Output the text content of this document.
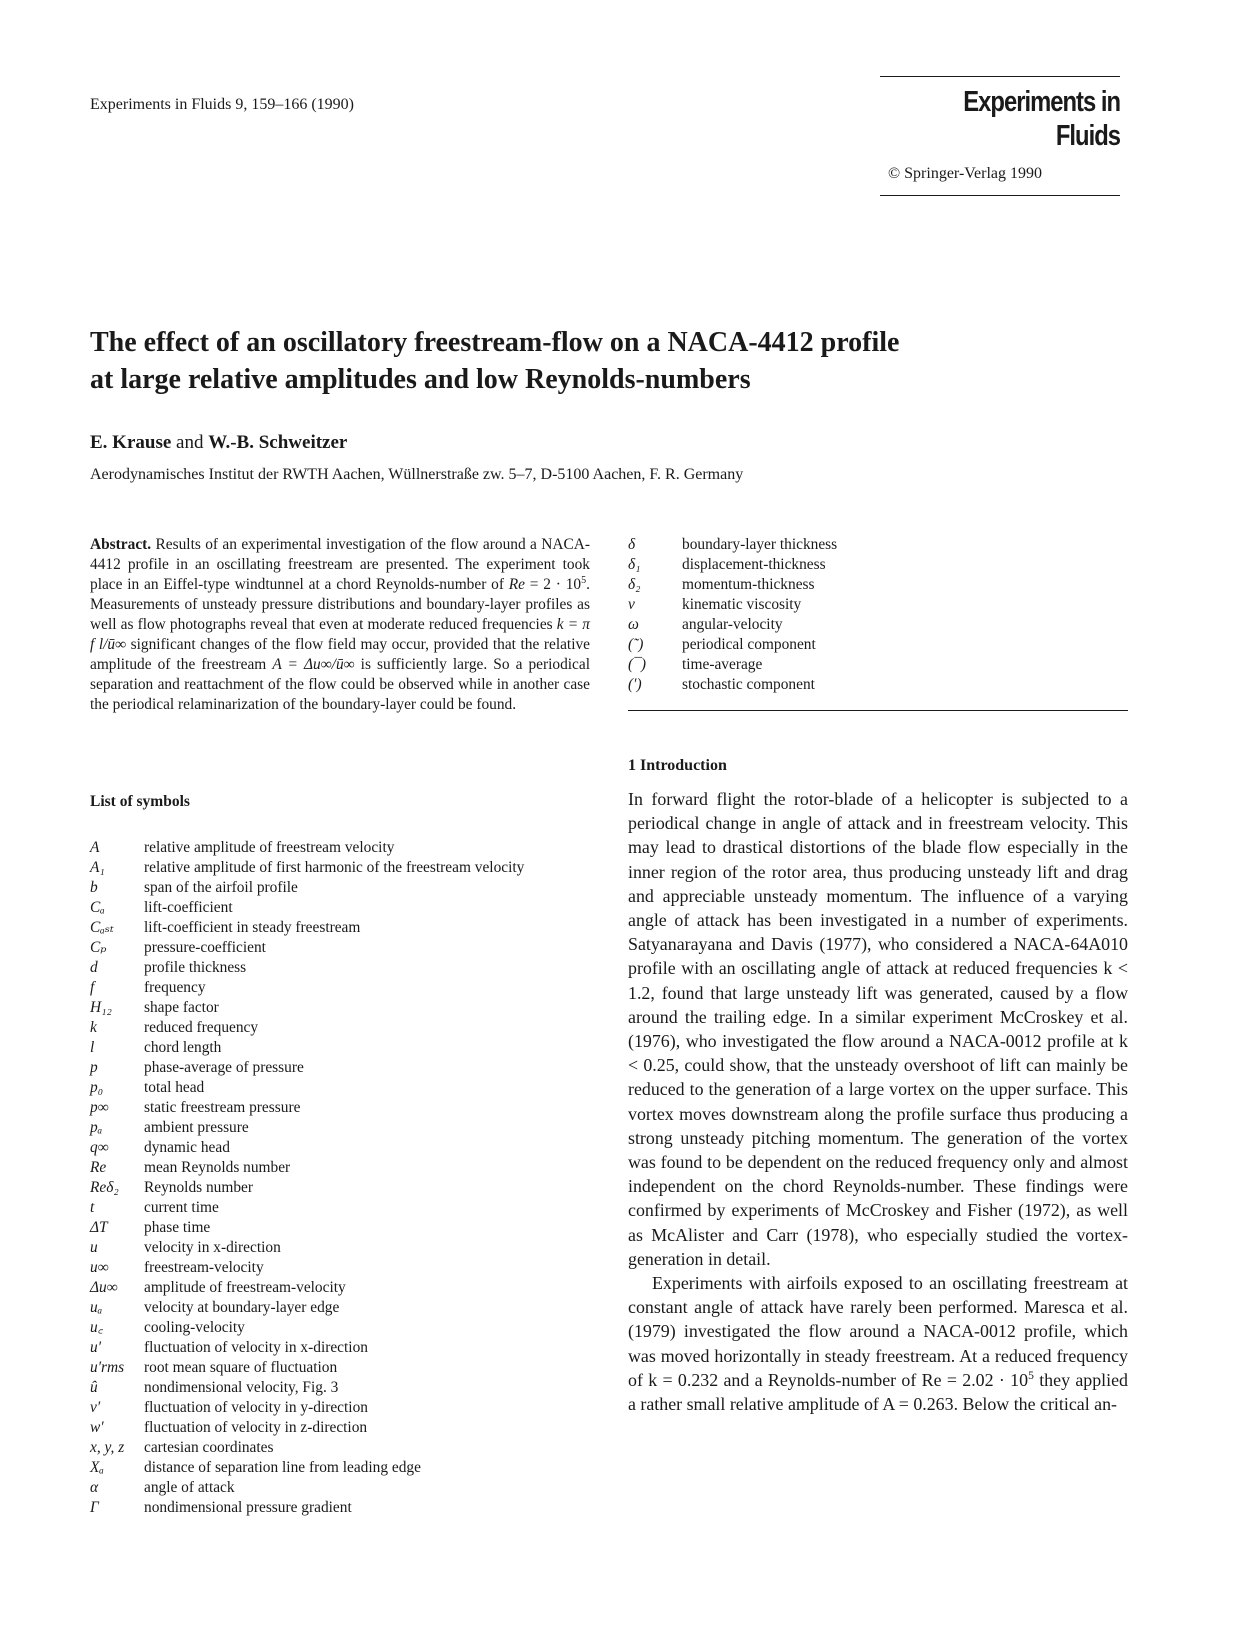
Experiments in Fluids 9, 159–166 (1990)	Experiments in Fluids
© Springer-Verlag 1990
The effect of an oscillatory freestream-flow on a NACA-4412 profile
at large relative amplitudes and low Reynolds-numbers
E. Krause and W.-B. Schweitzer
Aerodynamisches Institut der RWTH Aachen, Wüllnerstraße zw. 5–7, D-5100 Aachen, F. R. Germany
Abstract. Results of an experimental investigation of the flow around a NACA-4412 profile in an oscillating freestream are presented. The experiment took place in an Eiffel-type windtunnel at a chord Reynolds-number of $Re = 2 \cdot 10^5$. Measurements of unsteady pressure distributions and boundary-layer profiles as well as flow photographs reveal that even at moderate reduced frequencies k = π f l/ū∞ significant changes of the flow field may occur, provided that the relative amplitude of the freestream A = Δu∞/ū∞ is sufficiently large. So a periodical separation and reattachment of the flow could be observed while in another case the periodical relaminarization of the boundary-layer could be found.
δ	boundary-layer thickness
δ₁	displacement-thickness
δ₂	momentum-thickness
ν	kinematic viscosity
ω	angular-velocity
(˜)	periodical component
(¯)	time-average
(′)	stochastic component
List of symbols
A	relative amplitude of freestream velocity
A₁	relative amplitude of first harmonic of the freestream velocity
b	span of the airfoil profile
Cₐ	lift-coefficient
Cₐₛₜ	lift-coefficient in steady freestream
Cₚ	pressure-coefficient
d	profile thickness
f	frequency
H₁₂	shape factor
k	reduced frequency
l	chord length
p	phase-average of pressure
p₀	total head
p∞	static freestream pressure
pₐ	ambient pressure
q∞	dynamic head
Re	mean Reynolds number
Reδ₂	Reynolds number
t	current time
ΔT	phase time
u	velocity in x-direction
u∞	freestream-velocity
Δu∞	amplitude of freestream-velocity
uₐ	velocity at boundary-layer edge
u꜀	cooling-velocity
u′	fluctuation of velocity in x-direction
u′rms	root mean square of fluctuation
û	nondimensional velocity, Fig. 3
v′	fluctuation of velocity in y-direction
w′	fluctuation of velocity in z-direction
x, y, z	cartesian coordinates
Xₐ	distance of separation line from leading edge
α	angle of attack
Γ	nondimensional pressure gradient
1 Introduction

In forward flight the rotor-blade of a helicopter is subjected to a periodical change in angle of attack and in freestream velocity. This may lead to drastical distortions of the blade flow especially in the inner region of the rotor area, thus producing unsteady lift and drag and appreciable unsteady momentum. The influence of a varying angle of attack has been investigated in a number of experiments. Satyanarayana and Davis (1977), who considered a NACA-64A010 profile with an oscillating angle of attack at reduced frequencies k < 1.2, found that large unsteady lift was generated, caused by a flow around the trailing edge. In a similar experiment McCroskey et al. (1976), who investigated the flow around a NACA-0012 profile at k < 0.25, could show, that the unsteady overshoot of lift can mainly be reduced to the generation of a large vortex on the upper surface. This vortex moves downstream along the profile surface thus producing a strong unsteady pitching momentum. The generation of the vortex was found to be dependent on the reduced frequency only and almost independent on the chord Reynolds-number. These findings were confirmed by experiments of McCroskey and Fisher (1972), as well as McAlister and Carr (1978), who especially studied the vortex-generation in detail.

Experiments with airfoils exposed to an oscillating freestream at constant angle of attack have rarely been performed. Maresca et al. (1979) investigated the flow around a NACA-0012 profile, which was moved horizontally in steady freestream. At a reduced frequency of k = 0.232 and a Reynolds-number of $Re = 2.02 \cdot 10^5$ they applied a rather small relative amplitude of A = 0.263. Below the critical an-
